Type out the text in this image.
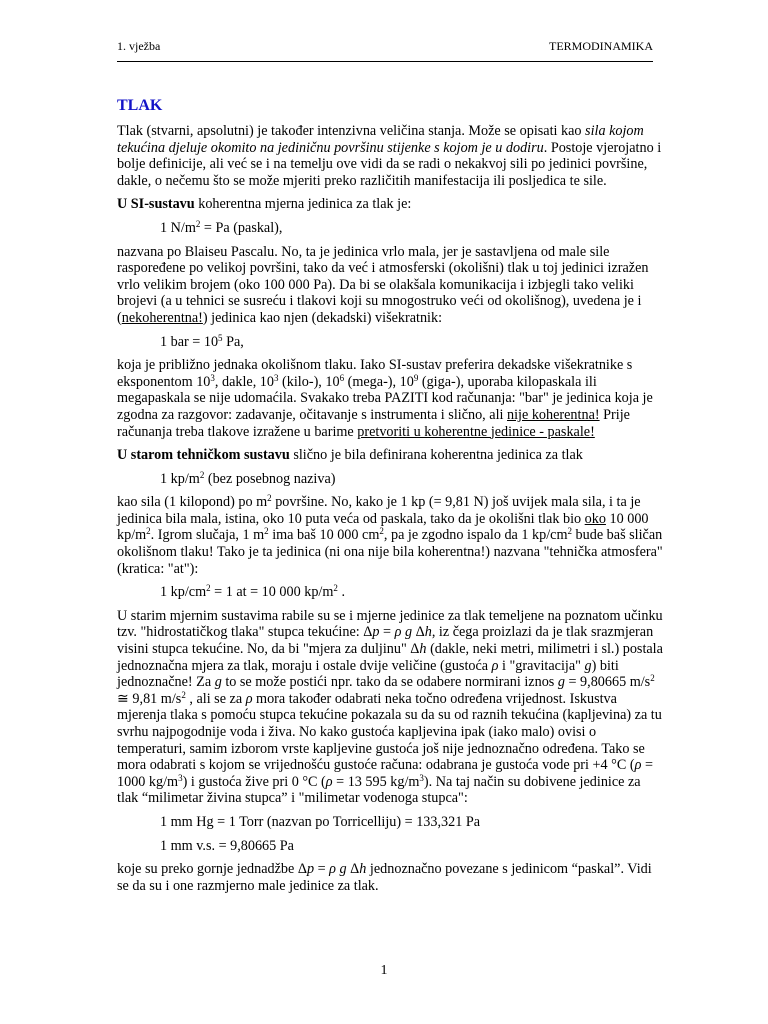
1. vježba	TERMODINAMIKA
TLAK

Tlak (stvarni, apsolutni) je također intenzivna veličina stanja. Može se opisati kao sila kojom tekućina djeluje okomito na jediničnu površinu stijenke s kojom je u dodiru. Postoje vjerojatno i bolje definicije, ali već se i na temelju ove vidi da se radi o nekakvoj sili po jedinici površine, dakle, o nečemu što se može mjeriti preko različitih manifestacija ili posljedica te sile.

U SI-sustavu koherentna mjerna jedinica za tlak je:

1 $N/m^2 = Pa$ (paskal),

nazvana po Blaiseu Pascalu. No, ta je jedinica vrlo mala, jer je sastavljena od male sile raspoređene po velikoj površini, tako da već i atmosferski (okolišni) tlak u toj jedinici izražen vrlo velikim brojem (oko 100 000 Pa). Da bi se olakšala komunikacija i izbjegli tako veliki brojevi (a u tehnici se susreću i tlakovi koji su mnogostruko veći od okolišnog), uvedena je i (nekoherentna!) jedinica kao njen (dekadski) višekratnik:

1 bar = $10^5$ Pa,

koja je približno jednaka okolišnom tlaku. Iako SI-sustav preferira dekadske višekratnike s eksponentom $10^3$, dakle, $10^3$ (kilo-), $10^6$ (mega-), $10^9$ (giga-), uporaba kilopaskala ili megapaskala se nije udomaćila. Svakako treba PAZITI kod računanja: "bar" je jedinica koja je zgodna za razgovor: zadavanje, očitavanje s instrumenta i slično, ali nije koherentna! Prije računanja treba tlakove izražene u barime pretvoriti u koherentne jedinice - paskale!

U starom tehničkom sustavu slično je bila definirana koherentna jedinica za tlak

1 $kp/m^2$ (bez posebnog naziva)

kao sila (1 kilopond) po $m^2$ površine. No, kako je 1 kp (= 9,81 N) još uvijek mala sila, i ta je jedinica bila mala, istina, oko 10 puta veća od paskala, tako da je okolišni tlak bio oko 10 000 $kp/m^2$. Igrom slučaja, 1 $m^2$ ima baš 10 000 $cm^2$, pa je zgodno ispalo da 1 $kp/cm^2$ bude baš sličan okolišnom tlaku! Tako je ta jedinica (ni ona nije bila koherentna!) nazvana "tehnička atmosfera" (kratica: "at"):

1 $kp/cm^2 = 1$ at = 10 000 $kp/m^2$ .

U starim mjernim sustavima rabile su se i mjerne jedinice za tlak temeljene na poznatom učinku tzv. "hidrostatičkog tlaka" stupca tekućine: Δp = ρ g Δh, iz čega proizlazi da je tlak srazmjeran visini stupca tekućine. No, da bi "mjera za duljinu" Δh (dakle, neki metri, milimetri i sl.) postala jednoznačna mjera za tlak, moraju i ostale dvije veličine (gustoća ρ i "gravitacija" g) biti jednoznačne! Za g to se može postići npr. tako da se odabere normirani iznos g = 9,80665 $m/s^2$ ≅ 9,81 $m/s^2$ , ali se za ρ mora također odabrati neka točno određena vrijednost. Iskustva mjerenja tlaka s pomoću stupca tekućine pokazala su da su od raznih tekućina (kapljevina) za tu svrhu najpogodnije voda i živa. No kako gustoća kapljevina ipak (iako malo) ovisi o temperaturi, samim izborom vrste kapljevine gustoća još nije jednoznačno određena. Tako se mora odabrati s kojom se vrijednošću gustoće računa: odabrana je gustoća vode pri +4 °C (ρ = 1000 $kg/m^3$) i gustoća žive pri 0 °C (ρ = 13 595 $kg/m^3$). Na taj način su dobivene jedinice za tlak “milimetar živina stupca” i "milimetar vodenoga stupca":

1 mm Hg = 1 Torr (nazvan po Torricelliju) = 133,321 Pa

1 mm v.s. = 9,80665 Pa

koje su preko gornje jednadžbe Δp = ρ g Δh jednoznačno povezane s jedinicom “paskal”. Vidi se da su i one razmjerno male jedinice za tlak.

1
